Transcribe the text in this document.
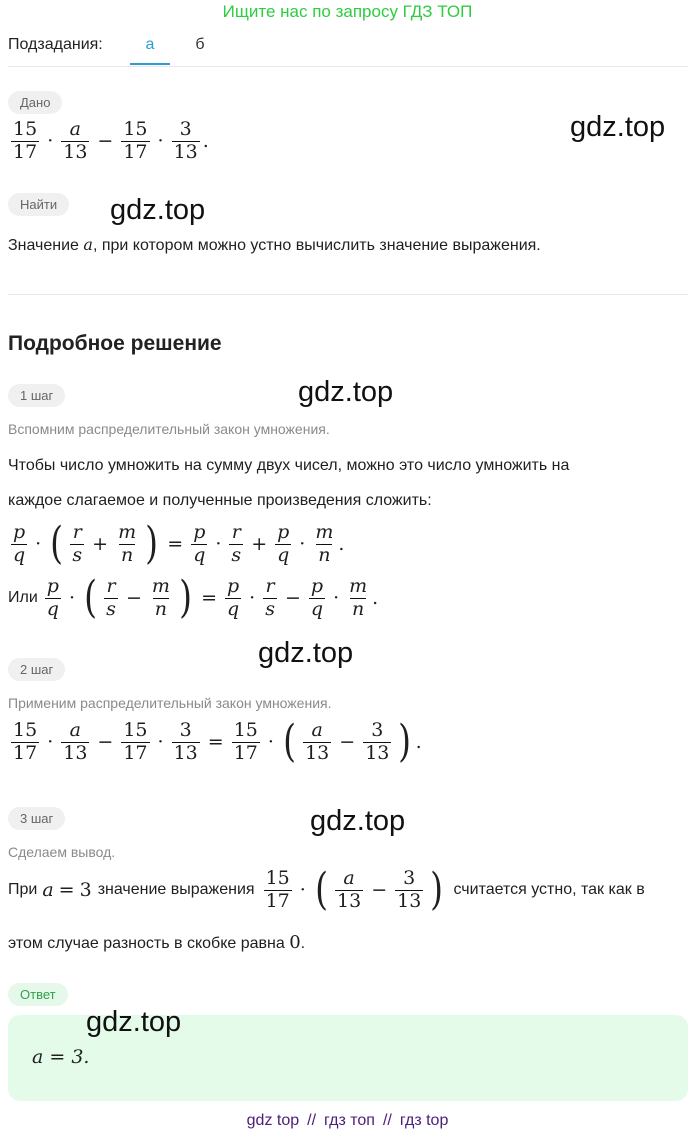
Ищите нас по запросу ГДЗ ТОП
Подзадания:	а	б
Дано
$\frac{15}{17} \cdot \frac{a}{13} - \frac{15}{17} \cdot \frac{3}{13}$ .	gdz.top
Найти	gdz.top
Значение a, при котором можно устно вычислить значение выражения.
Подробное решение
1 шаг	gdz.top
Вспомним распределительный закон умножения.
Чтобы число умножить на сумму двух чисел, можно это число умножить на
каждое слагаемое и полученные произведения сложить:
$\frac{p}{q}$ · ( $\frac{r}{s} + \frac{m}{n}$ ) = $\frac{p}{q} \cdot \frac{r}{s} + \frac{p}{q} \cdot \frac{m}{n}$ .
Или $\frac{p}{q}$ · ( $\frac{r}{s} - \frac{m}{n}$ ) = $\frac{p}{q} \cdot \frac{r}{s} - \frac{p}{q} \cdot \frac{m}{n}$ .
2 шаг
gdz.top
Применим распределительный закон умножения.
$\frac{15}{17} \cdot \frac{a}{13} - \frac{15}{17} \cdot \frac{3}{13} = \frac{15}{17}$ · ( $\frac{a}{13} - \frac{3}{13}$ ) .
3 шаг	gdz.top
Сделаем вывод.
При a = 3 значение выражения $\frac{15}{17}$ · ( $\frac{a}{13} - \frac{3}{13}$ ) считается устно, так как в
этом случае разность в скобке равна 0.
Ответ
gdz.top
a = 3.
gdz top // гдз топ // гдз top
